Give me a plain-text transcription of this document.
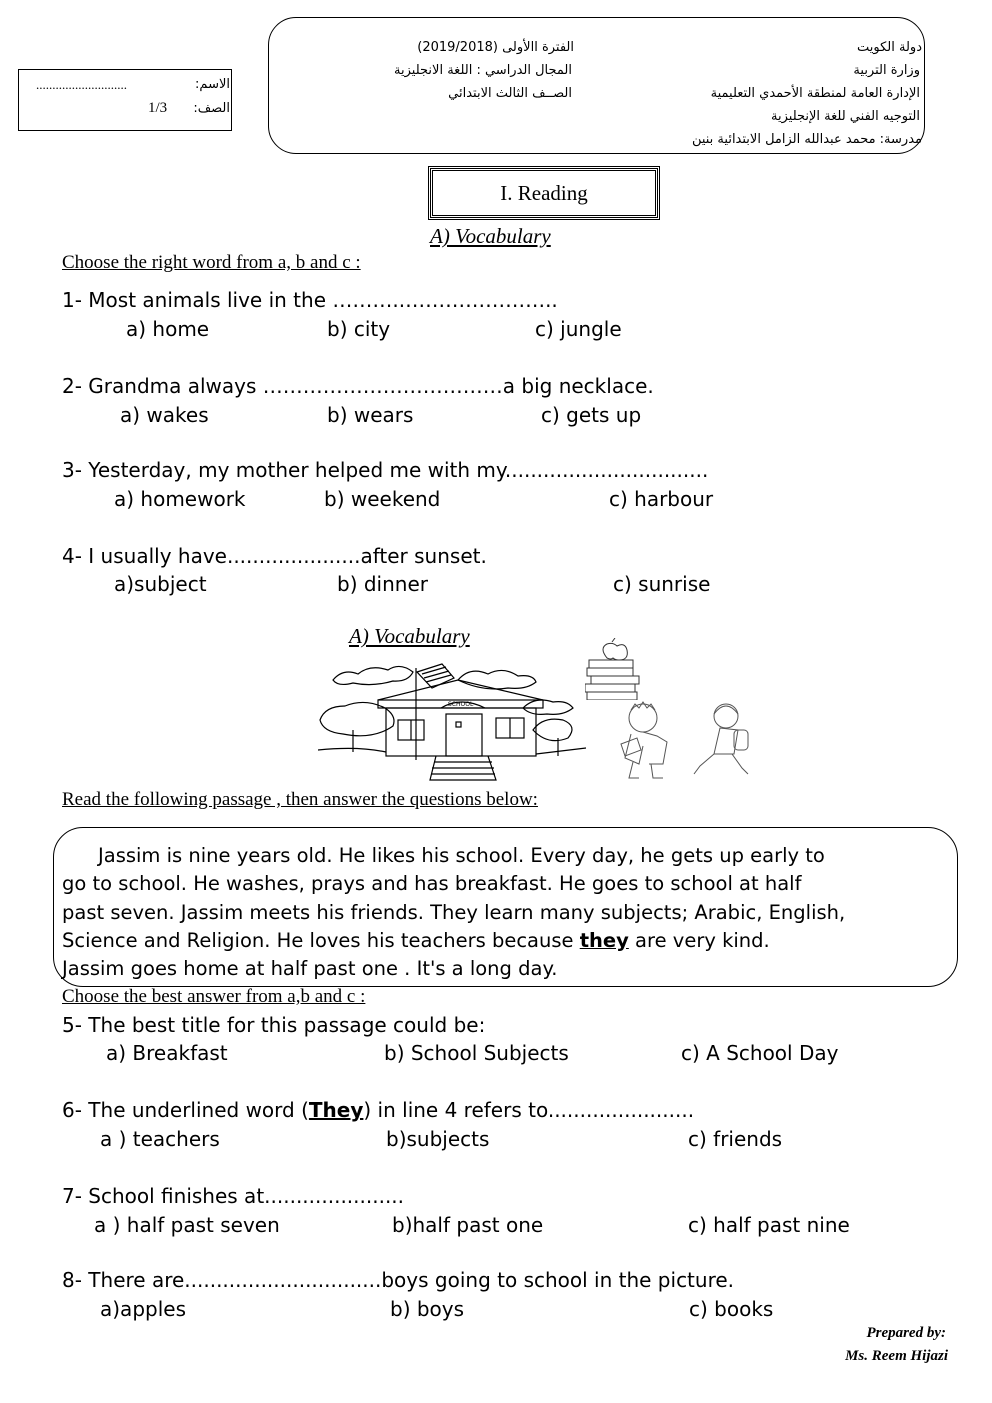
دولة الكويت
وزارة التربية
الإدارة العامة لمنطقة الأحمدي التعليمية
التوجيه الفني للغة الإنجليزية
مدرسة: محمد عبدالله الزامل الابتدائية بنين
الفترة االأولى (2019/2018)
المجال الدراسي : اللغة الانجليزية
الصــف الثالث الابتدائي
الاسم:
............................
الصف:
1/3
I. Reading
A) Vocabulary
Choose the right word from a, b and c :
1- Most animals live in the ………..…………………..
a) home	b) city	c) jungle
2- Grandma always ………………………………a big necklace.
a) wakes	b) wears	c) gets up
3- Yesterday, my mother helped me with my................................
a) homework	b) weekend	c) harbour
4- I usually have.....................after sunset.
a)subject	b) dinner	c) sunrise
A) Vocabulary
SCHOOL
Read the following passage , then answer the questions below:
Jassim is nine years old. He likes his school. Every day, he gets up early to
go to school. He washes, prays and has breakfast. He goes to school at half
past seven. Jassim meets his friends. They learn many subjects; Arabic, English,
Science and Religion. He loves his teachers because they are very kind.
Jassim goes home at half past one . It's a long day.
Choose the best answer from a,b and c :
5- The best title for this passage could be:
a) Breakfast	b) School Subjects	c) A School Day
6- The underlined word (They) in line 4 refers to.......................
a ) teachers	b)subjects	c) friends
7- School finishes at......................
a ) half past seven	b)half past one	c) half past nine
8- There are...............................boys going to school in the picture.
a)apples	b) boys	c) books
Prepared by:
Ms. Reem Hijazi
